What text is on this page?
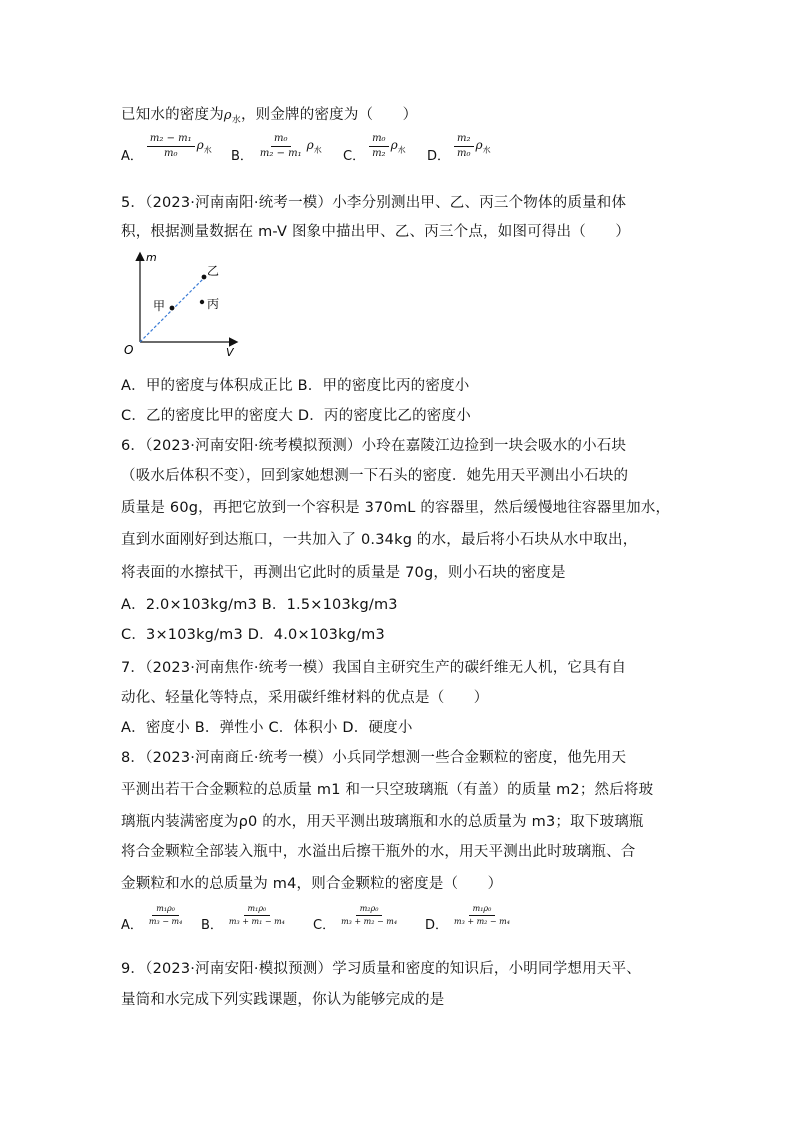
已知水的密度为$\rho_水$，则金牌的密度为（　　）
A． $\frac{\text{m₂ − m₁}}{\text{m₀}} \rho_水$ B． $\frac{\text{m₀}}{\text{m₂ − m₁}} \rho_水$ C． $\frac{\text{m₀}}{\text{m₂}} \rho_水$ D． $\frac{\text{m₂}}{\text{m₀}} \rho_水$
5．（2023·河南南阳·统考一模）小李分别测出甲、乙、丙三个物体的质量和体
积，根据测量数据在 m-V 图象中描出甲、乙、丙三个点，如图可得出（　　）
m
V
O
甲
乙
丙
A．甲的密度与体积成正比 B．甲的密度比丙的密度小
C．乙的密度比甲的密度大 D．丙的密度比乙的密度小
6．（2023·河南安阳·统考模拟预测）小玲在嘉陵江边捡到一块会吸水的小石块
（吸水后体积不变），回到家她想测一下石头的密度．她先用天平测出小石块的
质量是 60g，再把它放到一个容积是 370mL 的容器里，然后缓慢地往容器里加水，
直到水面刚好到达瓶口，一共加入了 0.34kg 的水，最后将小石块从水中取出，
将表面的水擦拭干，再测出它此时的质量是 70g，则小石块的密度是
A．2.0×103kg/m3 B．1.5×103kg/m3
C．3×103kg/m3 D．4.0×103kg/m3
7．（2023·河南焦作·统考一模）我国自主研究生产的碳纤维无人机，它具有自
动化、轻量化等特点，采用碳纤维材料的优点是（　　）
A．密度小 B．弹性小 C．体积小 D．硬度小
8．（2023·河南商丘·统考一模）小兵同学想测一些合金颗粒的密度，他先用天
平测出若干合金颗粒的总质量 m1 和一只空玻璃瓶（有盖）的质量 m2；然后将玻
璃瓶内装满密度为ρ0 的水，用天平测出玻璃瓶和水的总质量为 m3；取下玻璃瓶
将合金颗粒全部装入瓶中，水溢出后擦干瓶外的水，用天平测出此时玻璃瓶、合
金颗粒和水的总质量为 m4，则合金颗粒的密度是（　　）
A． $\frac{\text{m₁ρ₀}}{\text{m₃ − m₄}}$ B． $\frac{\text{m₁ρ₀}}{\text{m₃ + m₁ − m₄}}$ C． $\frac{\text{m₂ρ₀}}{\text{m₃ + m₂ − m₄}}$ D． $\frac{\text{m₁ρ₀}}{\text{m₃ + m₂ − m₄}}$
9．（2023·河南安阳·模拟预测）学习质量和密度的知识后，小明同学想用天平、
量筒和水完成下列实践课题，你认为能够完成的是
